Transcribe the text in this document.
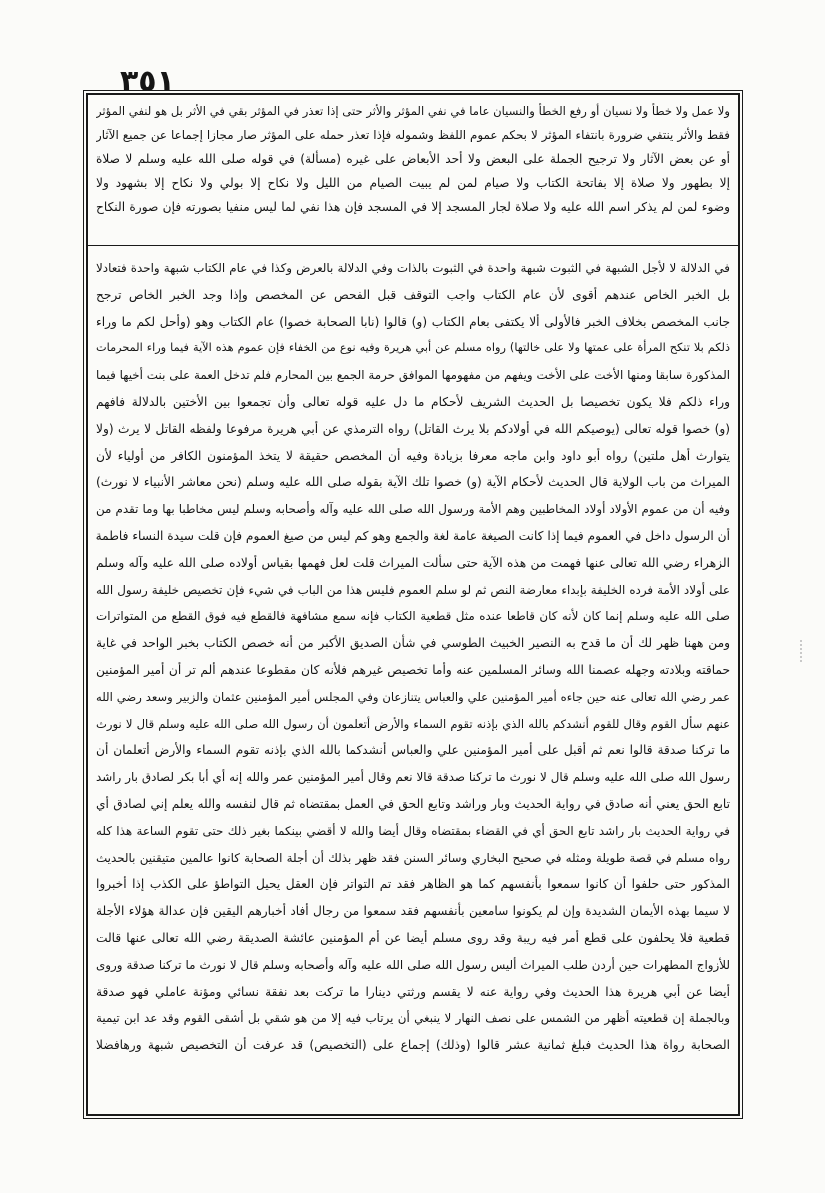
٣٥١
ولا عمل ولا خطأ ولا نسيان أو رفع الخطأ والنسيان عاما في نفي المؤثر والأثر حتى إذا تعذر في المؤثر بقي في الأثر بل هو لنفي المؤثر
فقط والأثر ينتفي ضرورة بانتفاء المؤثر لا بحكم عموم اللفظ وشموله فإذا تعذر حمله على المؤثر صار مجازا إجماعا عن جميع الآثار
أو عن بعض الآثار ولا ترجيح الجملة على البعض ولا أحد الأبعاض على غيره (مسألة) في قوله صلى الله عليه وسلم لا صلاة
إلا بطهور ولا صلاة إلا بفاتحة الكتاب ولا صيام لمن لم يبيت الصيام من الليل ولا نكاح إلا بولي ولا نكاح إلا بشهود ولا
وضوء لمن لم يذكر اسم الله عليه ولا صلاة لجار المسجد إلا في المسجد فإن هذا نفي لما ليس منفيا بصورته فإن صورة النكاح
في الدلالة لا لأجل الشبهة في الثبوت شبهة واحدة في الثبوت بالذات وفي الدلالة بالعرض وكذا في عام الكتاب شبهة واحدة فتعادلا
بل الخبر الخاص عندهم أقوى لأن عام الكتاب واجب التوقف قبل الفحص عن المخصص وإذا وجد الخبر الخاص ترجح
جانب المخصص بخلاف الخبر فالأولى ألا يكتفى بعام الكتاب (و) قالوا (نابا الصحابة خصوا) عام الكتاب وهو (وأحل لكم ما وراء
ذلكم بلا تنكح المرأة على عمتها ولا على خالتها) رواه مسلم عن أبي هريرة وفيه نوع من الخفاء فإن عموم هذه الآية فيما وراء المحرمات
المذكورة سابقا ومنها الأخت على الأخت ويفهم من مفهومها الموافق حرمة الجمع بين المحارم فلم تدخل العمة على بنت أخيها فيما
وراء ذلكم فلا يكون تخصيصا بل الحديث الشريف لأحكام ما دل عليه قوله تعالى وأن تجمعوا بين الأختين بالدلالة فافهم
(و) خصوا قوله تعالى (يوصيكم الله في أولادكم بلا يرث القاتل) رواه الترمذي عن أبي هريرة مرفوعا ولفظه القاتل لا يرث (ولا
يتوارث أهل ملتين) رواه أبو داود وابن ماجه معرفا بزيادة وفيه أن المخصص حقيقة لا يتخذ المؤمنون الكافر من أولياء لأن
الميراث من باب الولاية قال الحديث لأحكام الآية (و) خصوا تلك الآية بقوله صلى الله عليه وسلم (نحن معاشر الأنبياء لا نورث)
وفيه أن من عموم الأولاد أولاد المخاطبين وهم الأمة ورسول الله صلى الله عليه وآله وأصحابه وسلم ليس مخاطبا بها وما تقدم من
أن الرسول داخل في العموم فيما إذا كانت الصيغة عامة لغة والجمع وهو كم ليس من صيغ العموم فإن قلت سيدة النساء فاطمة
الزهراء رضي الله تعالى عنها فهمت من هذه الآية حتى سألت الميراث قلت لعل فهمها بقياس أولاده صلى الله عليه وآله وسلم
على أولاد الأمة فرده الخليفة بإبداء معارضة النص ثم لو سلم العموم فليس هذا من الباب في شيء فإن تخصيص خليفة رسول الله
صلى الله عليه وسلم إنما كان لأنه كان قاطعا عنده مثل قطعية الكتاب فإنه سمع مشافهة فالقطع فيه فوق القطع من المتواترات
ومن ههنا ظهر لك أن ما قدح به النصير الخبيث الطوسي في شأن الصديق الأكبر من أنه خصص الكتاب بخبر الواحد في غاية
حماقته وبلادته وجهله عصمنا الله وسائر المسلمين عنه وأما تخصيص غيرهم فلأنه كان مقطوعا عندهم ألم تر أن أمير المؤمنين
عمر رضي الله تعالى عنه حين جاءه أمير المؤمنين علي والعباس يتنازعان وفي المجلس أمير المؤمنين عثمان والزبير وسعد رضي الله
عنهم سأل القوم وقال للقوم أنشدكم بالله الذي بإذنه تقوم السماء والأرض أتعلمون أن رسول الله صلى الله عليه وسلم قال لا نورث
ما تركنا صدقة قالوا نعم ثم أقبل على أمير المؤمنين علي والعباس أنشدكما بالله الذي بإذنه تقوم السماء والأرض أتعلمان أن
رسول الله صلى الله عليه وسلم قال لا نورث ما تركنا صدقة قالا نعم وقال أمير المؤمنين عمر والله إنه أي أبا بكر لصادق بار راشد
تابع الحق يعني أنه صادق في رواية الحديث وبار وراشد وتابع الحق في العمل بمقتضاه ثم قال لنفسه والله يعلم إني لصادق أي
في رواية الحديث بار راشد تابع الحق أي في القضاء بمقتضاه وقال أيضا والله لا أقضي بينكما بغير ذلك حتى تقوم الساعة هذا كله
رواه مسلم في قصة طويلة ومثله في صحيح البخاري وسائر السنن فقد ظهر بذلك أن أجلة الصحابة كانوا عالمين متيقنين بالحديث
المذكور حتى حلفوا أن كانوا سمعوا بأنفسهم كما هو الظاهر فقد تم التواتر فإن العقل يحيل التواطؤ على الكذب إذا أخبروا
لا سيما بهذه الأيمان الشديدة وإن لم يكونوا سامعين بأنفسهم فقد سمعوا من رجال أفاد أخبارهم اليقين فإن عدالة هؤلاء الأجلة
قطعية فلا يحلفون على قطع أمر فيه ريبة وقد روى مسلم أيضا عن أم المؤمنين عائشة الصديقة رضي الله تعالى عنها قالت
للأزواج المطهرات حين أردن طلب الميراث أليس رسول الله صلى الله عليه وآله وأصحابه وسلم قال لا نورث ما تركنا صدقة وروى
أيضا عن أبي هريرة هذا الحديث وفي رواية عنه لا يقسم ورثتي دينارا ما تركت بعد نفقة نسائي ومؤنة عاملي فهو صدقة
وبالجملة إن قطعيته أظهر من الشمس على نصف النهار لا ينبغي أن يرتاب فيه إلا من هو شقي بل أشقى القوم وقد عد ابن تيمية
الصحابة رواة هذا الحديث فبلغ ثمانية عشر قالوا (وذلك) إجماع على (التخصيص) قد عرفت أن التخصيص شبهة ورهافضلا
